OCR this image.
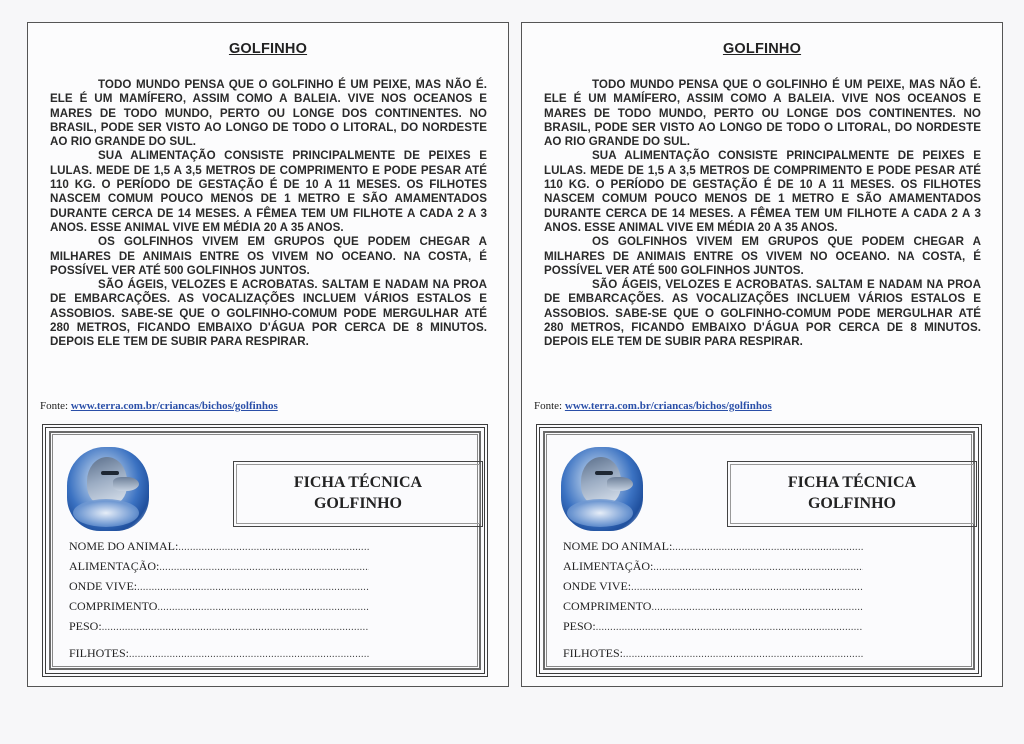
GOLFINHO

TODO MUNDO PENSA QUE O GOLFINHO É UM PEIXE, MAS NÃO É. ELE É UM MAMÍFERO, ASSIM COMO A BALEIA. VIVE NOS OCEANOS E MARES DE TODO MUNDO, PERTO OU LONGE DOS CONTINENTES. NO BRASIL, PODE SER VISTO AO LONGO DE TODO O LITORAL, DO NORDESTE AO RIO GRANDE DO SUL.

SUA ALIMENTAÇÃO CONSISTE PRINCIPALMENTE DE PEIXES E LULAS. MEDE DE 1,5 A 3,5 METROS DE COMPRIMENTO E PODE PESAR ATÉ 110 KG. O PERÍODO DE GESTAÇÃO É DE 10 A 11 MESES. OS FILHOTES NASCEM COMUM POUCO MENOS DE 1 METRO E SÃO AMAMENTADOS DURANTE CERCA DE 14 MESES. A FÊMEA TEM UM FILHOTE A CADA 2 A 3 ANOS. ESSE ANIMAL VIVE EM MÉDIA 20 A 35 ANOS.

OS GOLFINHOS VIVEM EM GRUPOS QUE PODEM CHEGAR A MILHARES DE ANIMAIS ENTRE OS VIVEM NO OCEANO. NA COSTA, É POSSÍVEL VER ATÉ 500 GOLFINHOS JUNTOS.

SÃO ÁGEIS, VELOZES E ACROBATAS. SALTAM E NADAM NA PROA DE EMBARCAÇÕES. AS VOCALIZAÇÕES INCLUEM VÁRIOS ESTALOS E ASSOBIOS. SABE-SE QUE O GOLFINHO-COMUM PODE MERGULHAR ATÉ 280 METROS, FICANDO EMBAIXO D'ÁGUA POR CERCA DE 8 MINUTOS. DEPOIS ELE TEM DE SUBIR PARA RESPIRAR.

Fonte: www.terra.com.br/criancas/bichos/golfinhos
FICHA TÉCNICA
GOLFINHO
NOME DO ANIMAL:
.....
ALIMENTAÇÃO:
.....
ONDE VIVE:
.....
COMPRIMENTO
.....
PESO:
.....
FILHOTES:
.....
GOLFINHO

TODO MUNDO PENSA QUE O GOLFINHO É UM PEIXE, MAS NÃO É. ELE É UM MAMÍFERO, ASSIM COMO A BALEIA. VIVE NOS OCEANOS E MARES DE TODO MUNDO, PERTO OU LONGE DOS CONTINENTES. NO BRASIL, PODE SER VISTO AO LONGO DE TODO O LITORAL, DO NORDESTE AO RIO GRANDE DO SUL.

SUA ALIMENTAÇÃO CONSISTE PRINCIPALMENTE DE PEIXES E LULAS. MEDE DE 1,5 A 3,5 METROS DE COMPRIMENTO E PODE PESAR ATÉ 110 KG. O PERÍODO DE GESTAÇÃO É DE 10 A 11 MESES. OS FILHOTES NASCEM COMUM POUCO MENOS DE 1 METRO E SÃO AMAMENTADOS DURANTE CERCA DE 14 MESES. A FÊMEA TEM UM FILHOTE A CADA 2 A 3 ANOS. ESSE ANIMAL VIVE EM MÉDIA 20 A 35 ANOS.

OS GOLFINHOS VIVEM EM GRUPOS QUE PODEM CHEGAR A MILHARES DE ANIMAIS ENTRE OS VIVEM NO OCEANO. NA COSTA, É POSSÍVEL VER ATÉ 500 GOLFINHOS JUNTOS.

SÃO ÁGEIS, VELOZES E ACROBATAS. SALTAM E NADAM NA PROA DE EMBARCAÇÕES. AS VOCALIZAÇÕES INCLUEM VÁRIOS ESTALOS E ASSOBIOS. SABE-SE QUE O GOLFINHO-COMUM PODE MERGULHAR ATÉ 280 METROS, FICANDO EMBAIXO D'ÁGUA POR CERCA DE 8 MINUTOS. DEPOIS ELE TEM DE SUBIR PARA RESPIRAR.

Fonte: www.terra.com.br/criancas/bichos/golfinhos
FICHA TÉCNICA
GOLFINHO
NOME DO ANIMAL:
.....
ALIMENTAÇÃO:
.....
ONDE VIVE:
.....
COMPRIMENTO
.....
PESO:
.....
FILHOTES:
.....
